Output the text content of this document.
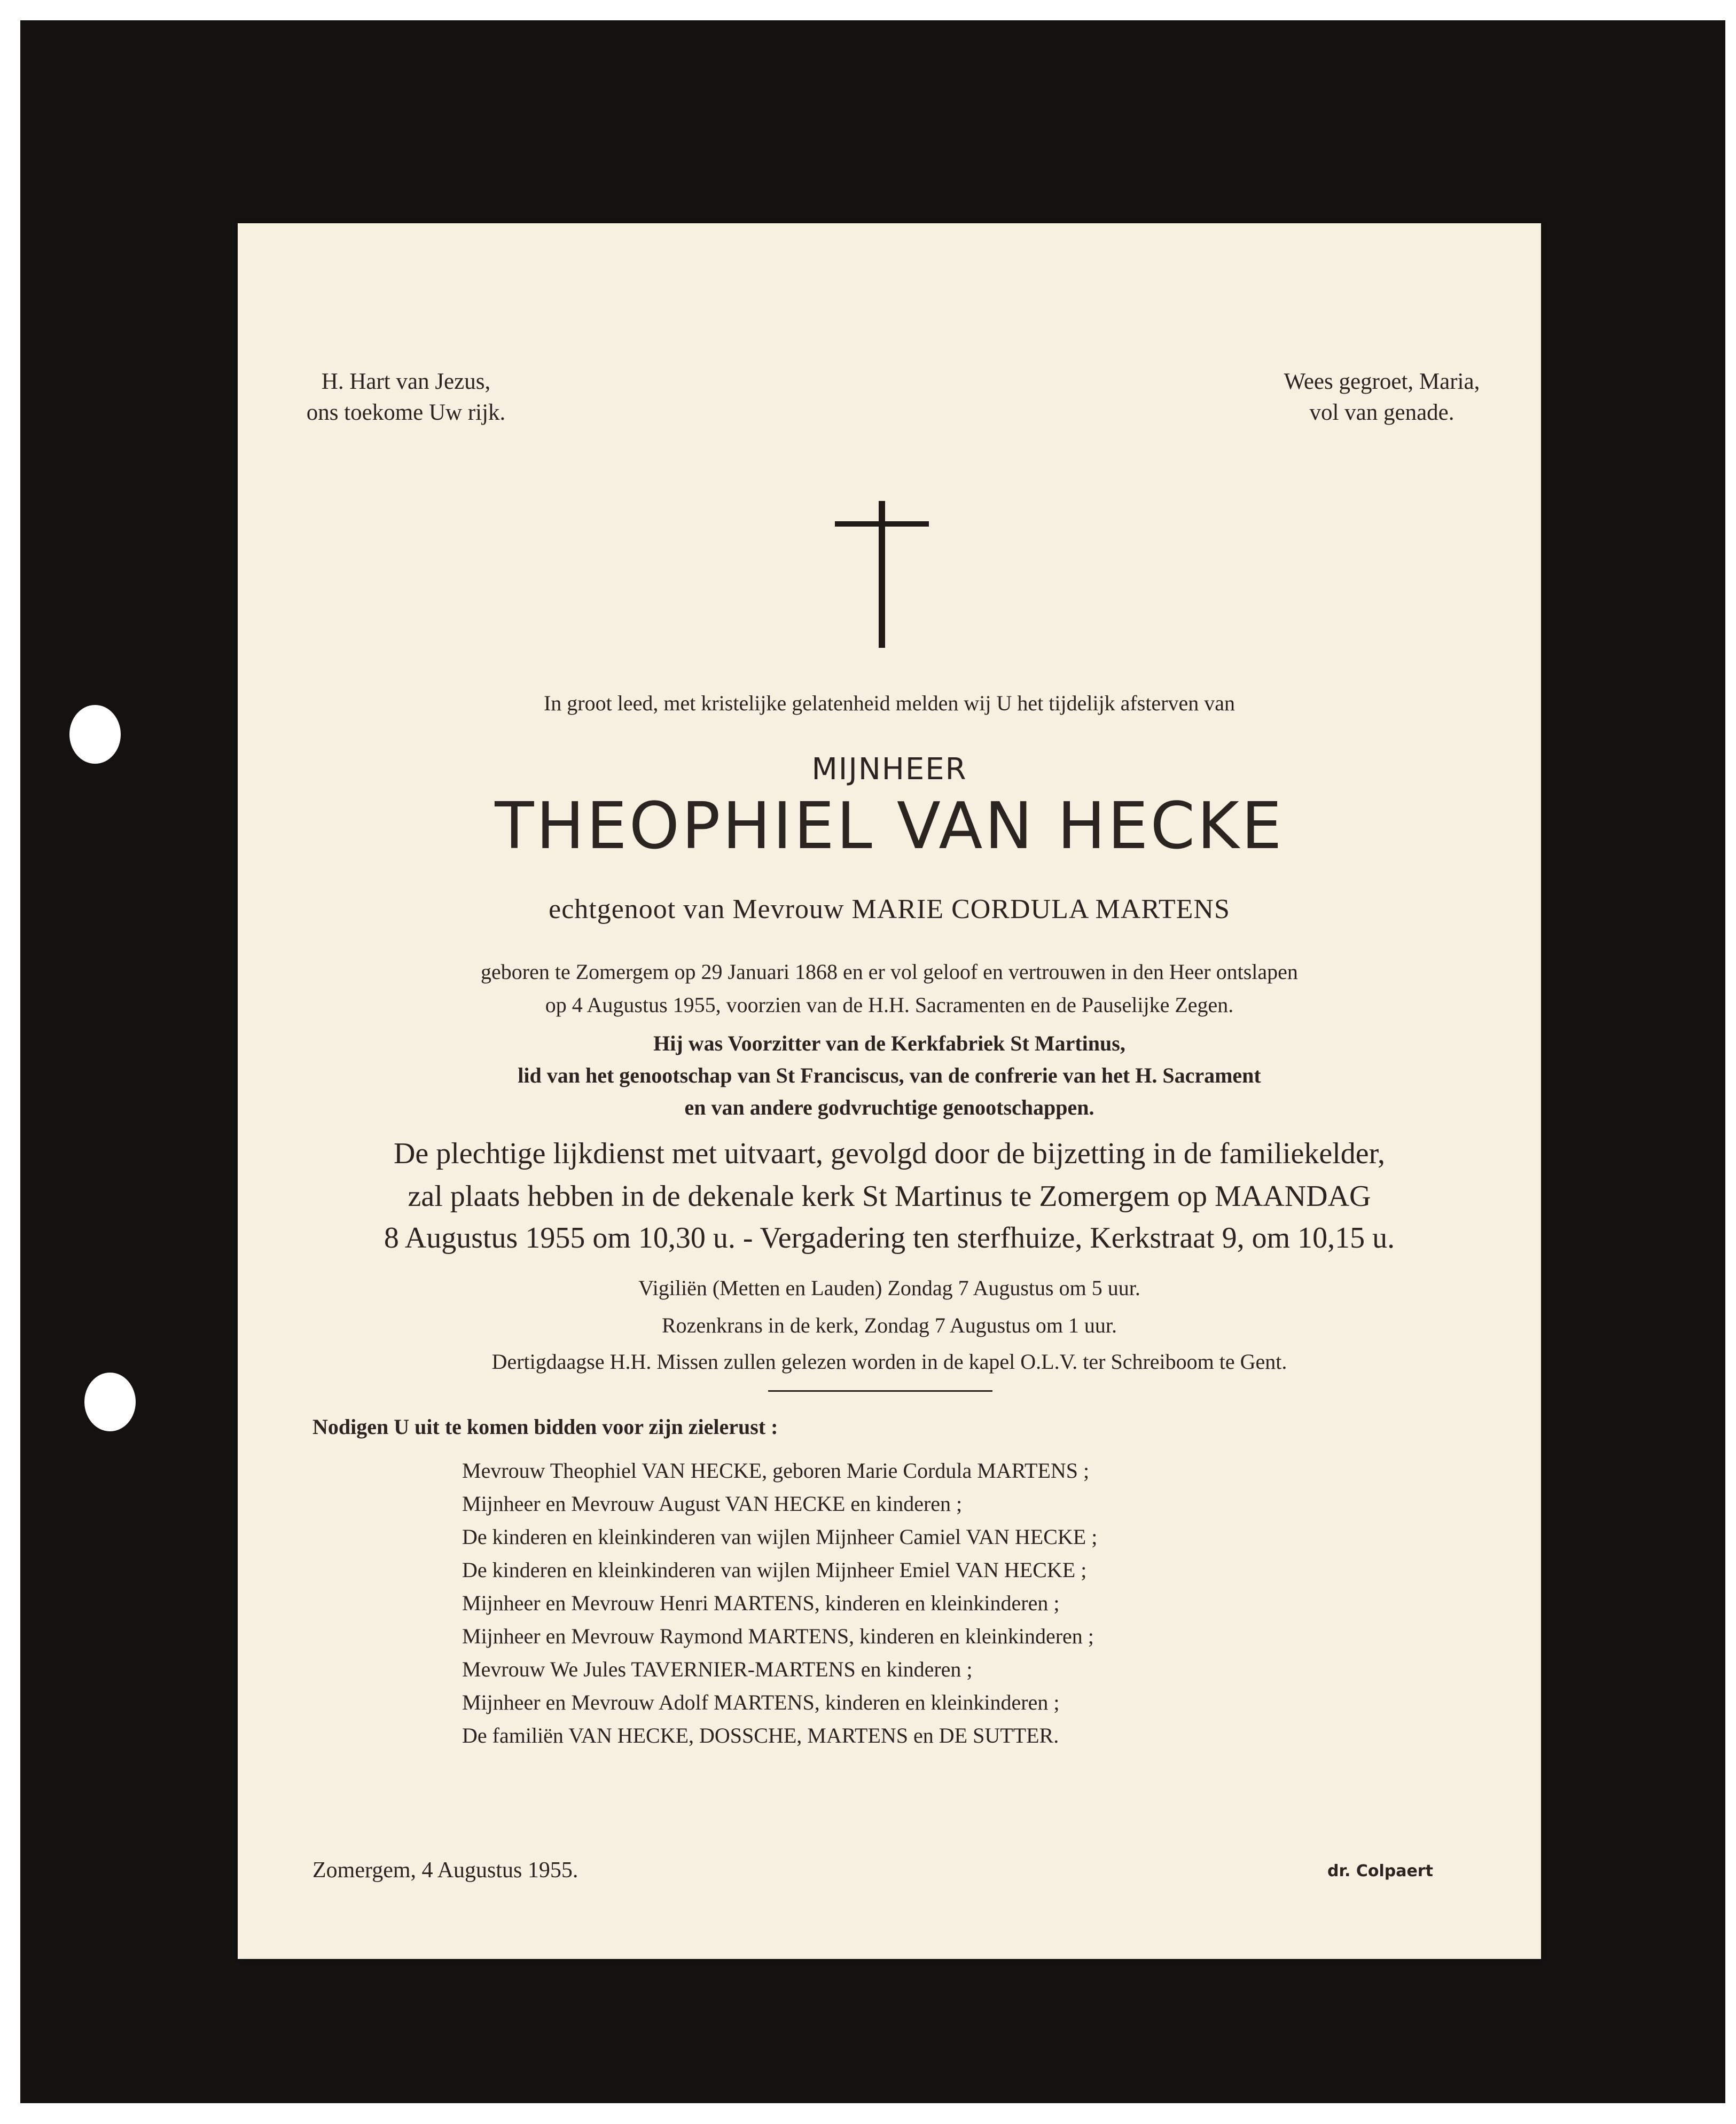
H. Hart van Jezus,
ons toekome Uw rijk.
Wees gegroet, Maria,
vol van genade.
In groot leed, met kristelijke gelatenheid melden wij U het tijdelijk afsterven van
MIJNHEER
THEOPHIEL VAN HECKE
echtgenoot van Mevrouw MARIE CORDULA MARTENS
geboren te Zomergem op 29 Januari 1868 en er vol geloof en vertrouwen in den Heer ontslapen
op 4 Augustus 1955, voorzien van de H.H. Sacramenten en de Pauselijke Zegen.
Hij was Voorzitter van de Kerkfabriek St Martinus,
lid van het genootschap van St Franciscus, van de confrerie van het H. Sacrament
en van andere godvruchtige genootschappen.
De plechtige lijkdienst met uitvaart, gevolgd door de bijzetting in de familiekelder,
zal plaats hebben in de dekenale kerk St Martinus te Zomergem op MAANDAG
8 Augustus 1955 om 10,30 u. - Vergadering ten sterfhuize, Kerkstraat 9, om 10,15 u.
Vigiliën (Metten en Lauden) Zondag 7 Augustus om 5 uur.
Rozenkrans in de kerk, Zondag 7 Augustus om 1 uur.
Dertigdaagse H.H. Missen zullen gelezen worden in de kapel O.L.V. ter Schreiboom te Gent.
Nodigen U uit te komen bidden voor zijn zielerust :
Mevrouw Theophiel VAN HECKE, geboren Marie Cordula MARTENS ;
Mijnheer en Mevrouw August VAN HECKE en kinderen ;
De kinderen en kleinkinderen van wijlen Mijnheer Camiel VAN HECKE ;
De kinderen en kleinkinderen van wijlen Mijnheer Emiel VAN HECKE ;
Mijnheer en Mevrouw Henri MARTENS, kinderen en kleinkinderen ;
Mijnheer en Mevrouw Raymond MARTENS, kinderen en kleinkinderen ;
Mevrouw We Jules TAVERNIER-MARTENS en kinderen ;
Mijnheer en Mevrouw Adolf MARTENS, kinderen en kleinkinderen ;
De familiën VAN HECKE, DOSSCHE, MARTENS en DE SUTTER.
Zomergem, 4 Augustus 1955.	dr. Colpaert
